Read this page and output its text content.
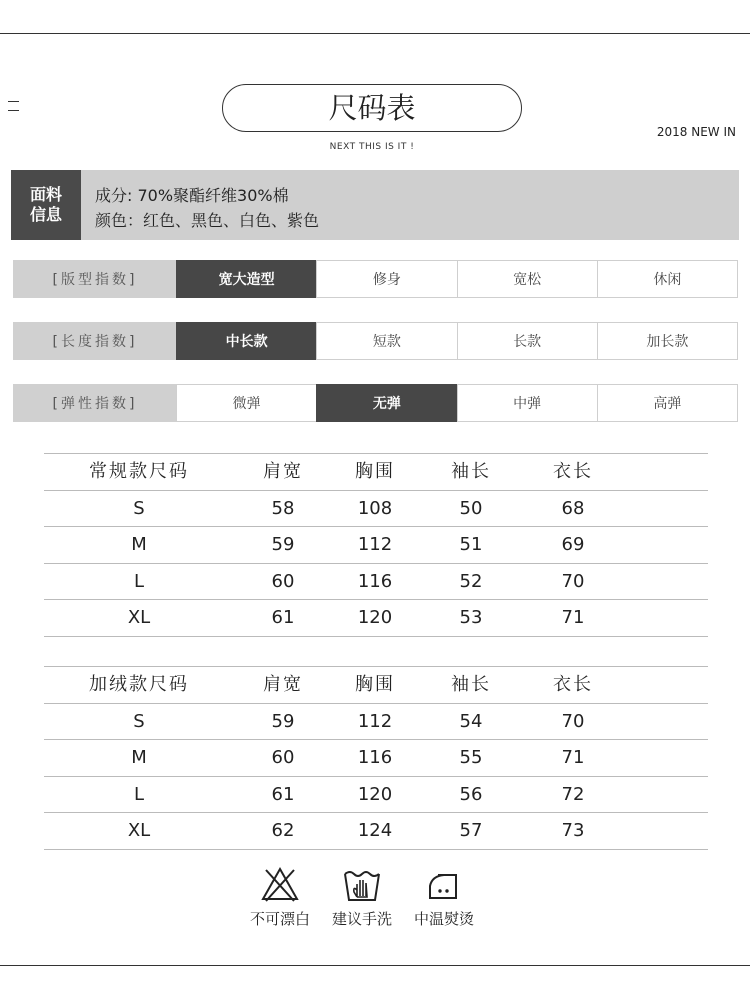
尺码表
NEXT THIS IS IT !
2018 NEW IN
面料
信息
成分: 70%聚酯纤维30%棉
颜色：红色、黑色、白色、紫色
[版型指数]	宽大造型	修身	宽松	休闲
[长度指数]	中长款	短款	长款	加长款
[弹性指数]	微弹	无弹	中弹	高弹
常规款尺码	肩宽	胸围	袖长	衣长
S	58	108	50	68
M	59	112	51	69
L	60	116	52	70
XL	61	120	53	71
加绒款尺码	肩宽	胸围	袖长	衣长
S	59	112	54	70
M	60	116	55	71
L	61	120	56	72
XL	62	124	57	73
不可漂白	建议手洗	中温熨烫
